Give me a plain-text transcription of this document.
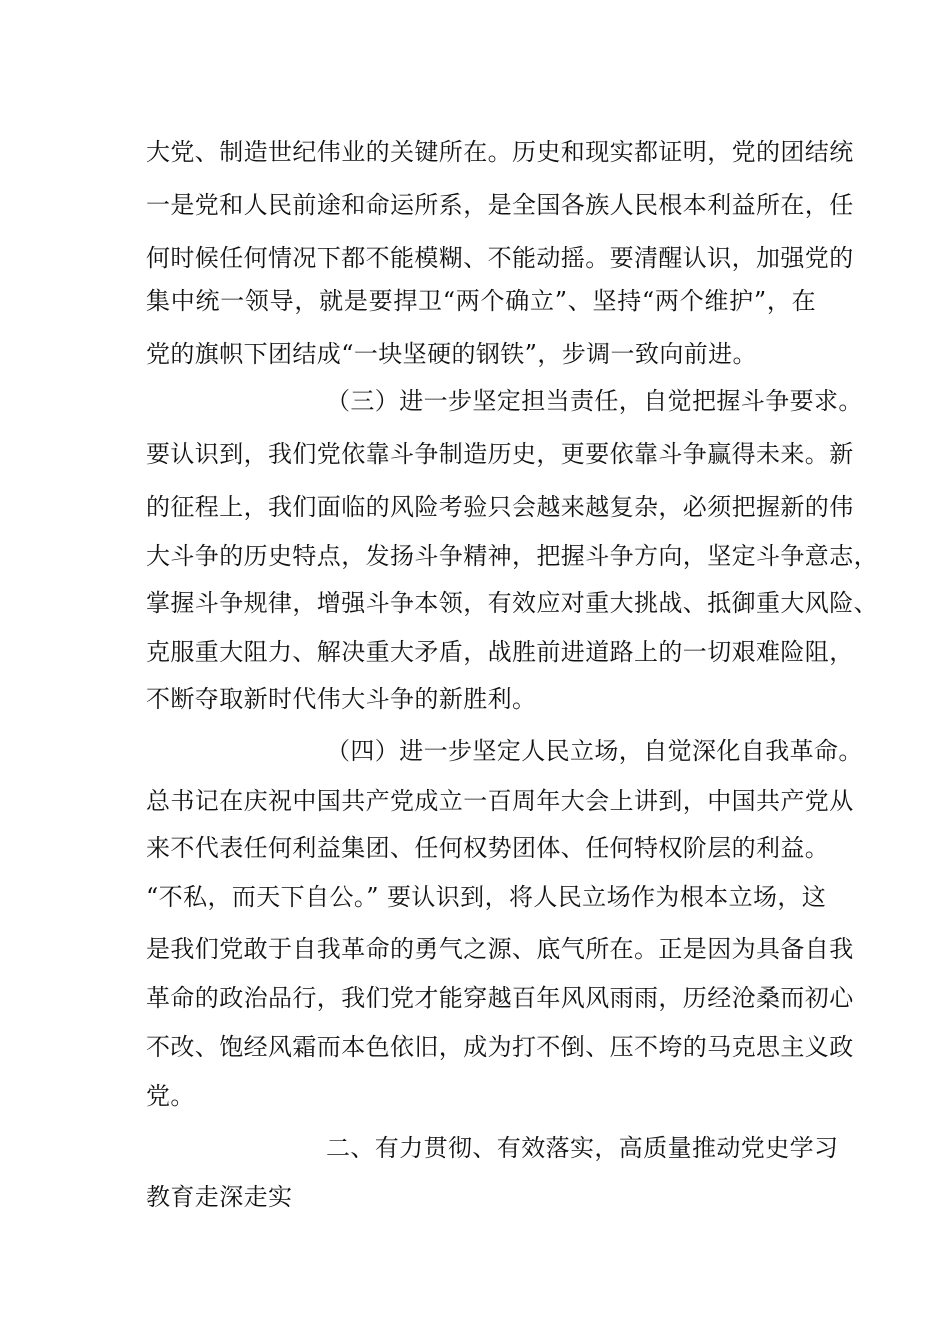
大党、制造世纪伟业的关键所在。历史和现实都证明，党的团结统
一是党和人民前途和命运所系，是全国各族人民根本利益所在，任
何时候任何情况下都不能模糊、不能动摇。要清醒认识，加强党的
集中统一领导，就是要捍卫“两个确立”、坚持“两个维护”，在
党的旗帜下团结成“一块坚硬的钢铁”，步调一致向前进。
（三）进一步坚定担当责任，自觉把握斗争要求。
要认识到，我们党依靠斗争制造历史，更要依靠斗争赢得未来。新
的征程上，我们面临的风险考验只会越来越复杂，必须把握新的伟
大斗争的历史特点，发扬斗争精神，把握斗争方向，坚定斗争意志，
掌握斗争规律，增强斗争本领，有效应对重大挑战、抵御重大风险、
克服重大阻力、解决重大矛盾，战胜前进道路上的一切艰难险阻，
不断夺取新时代伟大斗争的新胜利。
（四）进一步坚定人民立场，自觉深化自我革命。
总书记在庆祝中国共产党成立一百周年大会上讲到，中国共产党从
来不代表任何利益集团、任何权势团体、任何特权阶层的利益。
“不私，而天下自公。” 要认识到，将人民立场作为根本立场，这
是我们党敢于自我革命的勇气之源、底气所在。正是因为具备自我
革命的政治品行，我们党才能穿越百年风风雨雨，历经沧桑而初心
不改、饱经风霜而本色依旧，成为打不倒、压不垮的马克思主义政
党。
二、有力贯彻、有效落实，高质量推动党史学习
教育走深走实
